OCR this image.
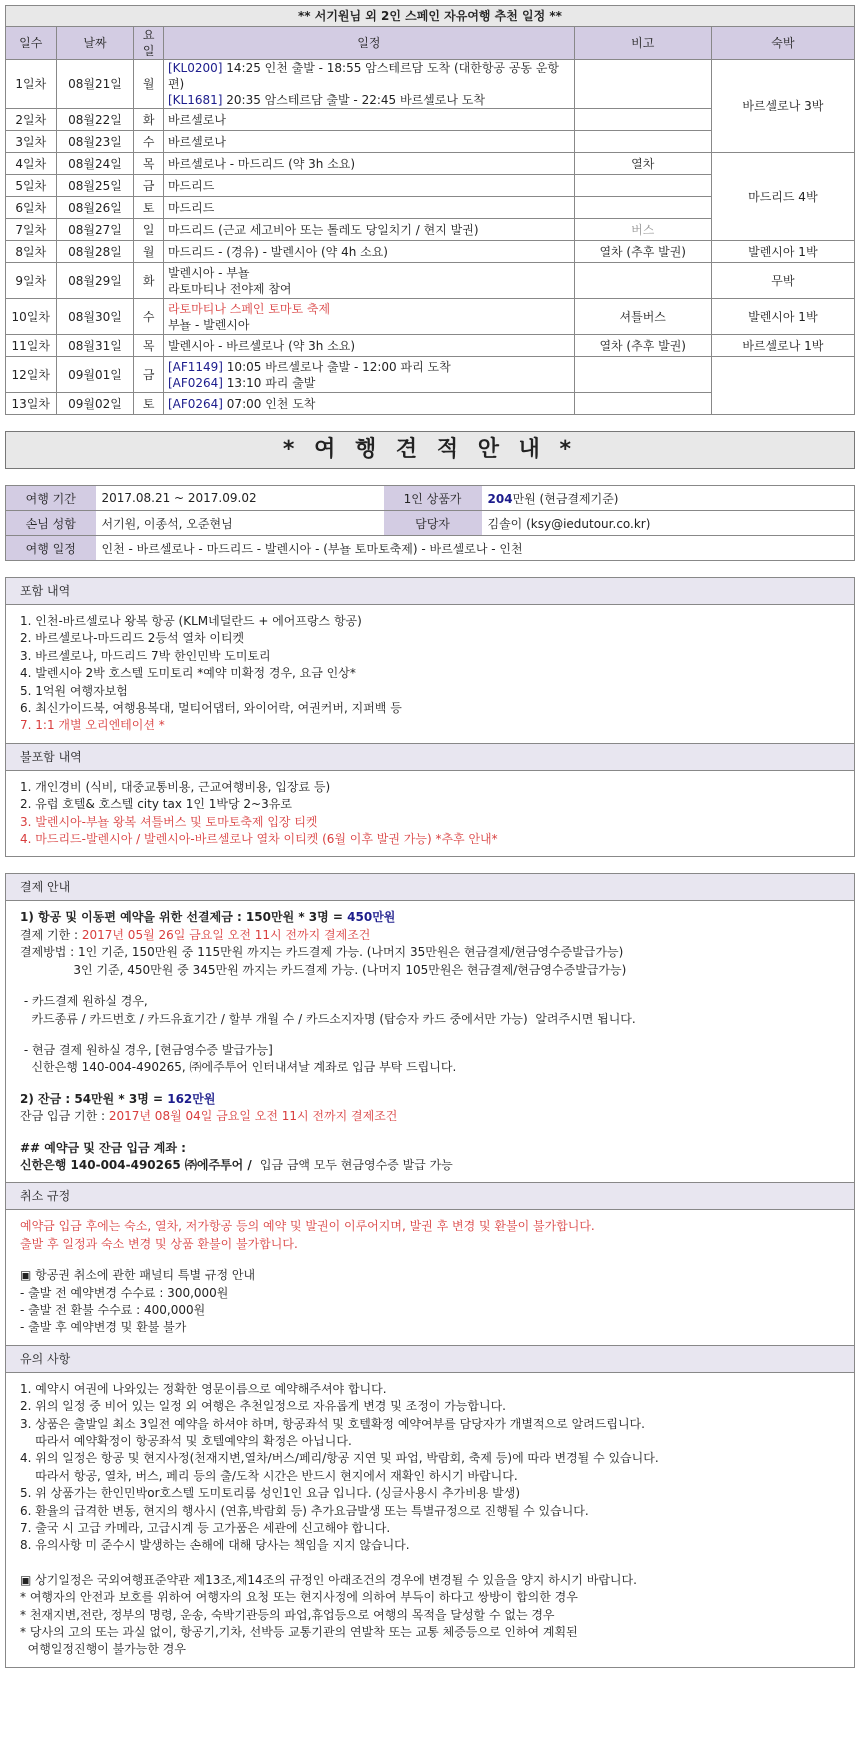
** 서기원님 외 2인 스페인 자유여행 추천 일정 **					
일수	날짜	요일	일정	비고	숙박
1일차	08월21일	월	[KL0200] 14:25 인천 출발 - 18:55 암스테르담 도착 (대한항공 공동 운항편)
[KL1681] 20:35 암스테르담 출발 - 22:45 바르셀로나 도착		바르셀로나 3박
2일차	08월22일	화	바르셀로나		

3일차	08월23일	수	바르셀로나		

4일차	08월24일	목	바르셀로나 - 마드리드 (약 3h 소요)	열차	마드리드 4박
5일차	08월25일	금	마드리드		

6일차	08월26일	토	마드리드		

7일차	08월27일	일	마드리드 (근교 세고비아 또는 톨레도 당일치기 / 현지 발권)	버스	
8일차	08월28일	월	마드리드 - (경유) - 발렌시아 (약 4h 소요)	열차 (추후 발권)	발렌시아 1박
9일차	08월29일	화	발렌시아 - 부뇰
라토마티나 전야제 참여		무박
10일차	08월30일	수	라토마티나 스페인 토마토 축제
부뇰 - 발렌시아	셔틀버스	발렌시아 1박
11일차	08월31일	목	발렌시아 - 바르셀로나 (약 3h 소요)	열차 (추후 발권)	바르셀로나 1박
12일차	09월01일	금	[AF1149] 10:05 바르셀로나 출발 - 12:00 파리 도착
[AF0264] 13:10 파리 출발		

13일차	09월02일	토	[AF0264] 07:00 인천 도착		

* 여 행 견 적 안 내 *
여행 기간	2017.08.21 ~ 2017.09.02	1인 상품가	204만원 (현금결제기준)
손님 성함	서기원, 이종석, 오준현님	담당자	김솔이 (ksy@iedutour.co.kr)
여행 일정	인천 - 바르셀로나 - 마드리드 - 발렌시아 - (부뇰 토마토축제) - 바르셀로나 - 인천		
포함 내역
1. 인천-바르셀로나 왕복 항공 (KLM네덜란드 + 에어프랑스 항공)
2. 바르셀로나-마드리드 2등석 열차 이티켓
3. 바르셀로나, 마드리드 7박 한인민박 도미토리
4. 발렌시아 2박 호스텔 도미토리 *예약 미확정 경우, 요금 인상*
5. 1억원 여행자보험
6. 최신가이드북, 여행용복대, 멀티어댑터, 와이어락, 여권커버, 지퍼백 등
7. 1:1 개별 오리엔테이션 *
불포함 내역
1. 개인경비 (식비, 대중교통비용, 근교여행비용, 입장료 등)
2. 유럽 호텔& 호스텔 city tax 1인 1박당 2~3유로
3. 발렌시아-부뇰 왕복 셔틀버스 및 토마토축제 입장 티켓
4. 마드리드-발렌시아 / 발렌시아-바르셀로나 열차 이티켓 (6월 이후 발권 가능) *추후 안내*
결제 안내
1) 항공 및 이동편 예약을 위한 선결제금 : 150만원 * 3명 = 450만원
결제 기한 : 2017년 05월 26일 금요일 오전 11시 전까지 결제조건
결제방법 : 1인 기준, 150만원 중 115만원 까지는 카드결제 가능. (나머지 35만원은 현금결제/현금영수증발급가능)
3인 기준, 450만원 중 345만원 까지는 카드결제 가능. (나머지 105만원은 현금결제/현금영수증발급가능)
- 카드결제 원하실 경우,
카드종류 / 카드번호 / 카드유효기간 / 할부 개월 수 / 카드소지자명 (탑승자 카드 중에서만 가능)  알려주시면 됩니다.
- 현금 결제 원하실 경우, [현금영수증 발급가능]
신한은행 140-004-490265, ㈜에주투어 인터내셔날 계좌로 입금 부탁 드립니다.
2) 잔금 : 54만원 * 3명 = 162만원
잔금 입금 기한 : 2017년 08월 04일 금요일 오전 11시 전까지 결제조건
## 예약금 및 잔금 입금 계좌 :
신한은행 140-004-490265 ㈜에주투어 /  입금 금액 모두 현금영수증 발급 가능
취소 규정
예약금 입금 후에는 숙소, 열차, 저가항공 등의 예약 및 발권이 이루어지며, 발권 후 변경 및 환불이 불가합니다.
출발 후 일정과 숙소 변경 및 상품 환불이 불가합니다.
▣ 항공권 취소에 관한 패널티 특별 규정 안내
- 출발 전 예약변경 수수료 : 300,000원
- 출발 전 환불 수수료 : 400,000원
- 출발 후 예약변경 및 환불 불가
유의 사항
1. 예약시 여권에 나와있는 정확한 영문이름으로 예약해주셔야 합니다.
2. 위의 일정 중 비어 있는 일정 외 여행은 추천일정으로 자유롭게 변경 및 조정이 가능합니다.
3. 상품은 출발일 최소 3일전 예약을 하셔야 하며, 항공좌석 및 호텔확정 예약여부를 담당자가 개별적으로 알려드립니다.
따라서 예약확정이 항공좌석 및 호텔예약의 확정은 아닙니다.
4. 위의 일정은 항공 및 현지사정(천재지변,열차/버스/페리/항공 지연 및 파업, 박람회, 축제 등)에 따라 변경될 수 있습니다.
따라서 항공, 열차, 버스, 페리 등의 출/도착 시간은 반드시 현지에서 재확인 하시기 바랍니다.
5. 위 상품가는 한인민박or호스텔 도미토리룸 성인1인 요금 입니다. (싱글사용시 추가비용 발생)
6. 환율의 급격한 변동, 현지의 행사시 (연휴,박람회 등) 추가요금발생 또는 특별규정으로 진행될 수 있습니다.
7. 출국 시 고급 카메라, 고급시계 등 고가품은 세관에 신고해야 합니다.
8. 유의사항 미 준수시 발생하는 손해에 대해 당사는 책임을 지지 않습니다.
▣ 상기일정은 국외여행표준약관 제13조,제14조의 규정인 아래조건의 경우에 변경될 수 있을을 양지 하시기 바랍니다.
* 여행자의 안전과 보호를 위하여 여행자의 요청 또는 현지사정에 의하여 부득이 하다고 쌍방이 합의한 경우
* 천재지변,전란, 정부의 명령, 운송, 숙박기관등의 파업,휴업등으로 여행의 목적을 달성할 수 없는 경우
* 당사의 고의 또는 과실 없이, 항공기,기차, 선박등 교통기관의 연발착 또는 교통 체증등으로 인하여 계획된
여행일정진행이 불가능한 경우
